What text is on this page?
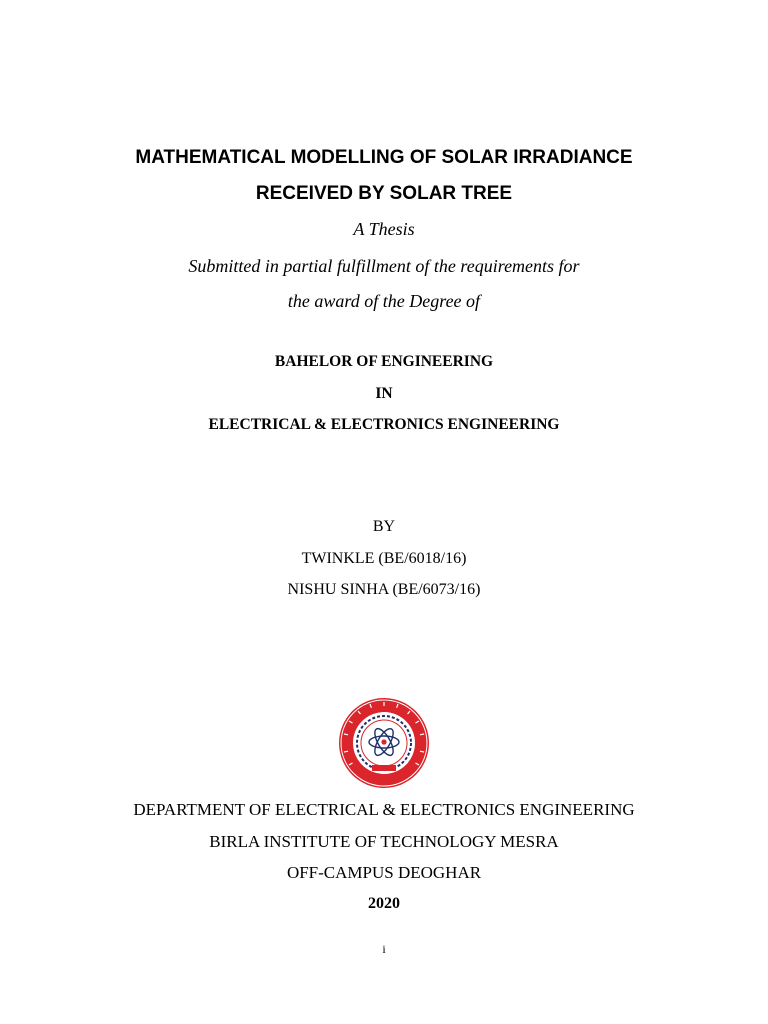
MATHEMATICAL MODELLING OF SOLAR IRRADIANCE
RECEIVED BY SOLAR TREE
A Thesis
Submitted in partial fulfillment of the requirements for
the award of the Degree of
BAHELOR OF ENGINEERING
IN
ELECTRICAL & ELECTRONICS ENGINEERING
BY
TWINKLE (BE/6018/16)
NISHU SINHA (BE/6073/16)
DEPARTMENT OF ELECTRICAL & ELECTRONICS ENGINEERING
BIRLA INSTITUTE OF TECHNOLOGY MESRA
OFF-CAMPUS DEOGHAR
2020
i
